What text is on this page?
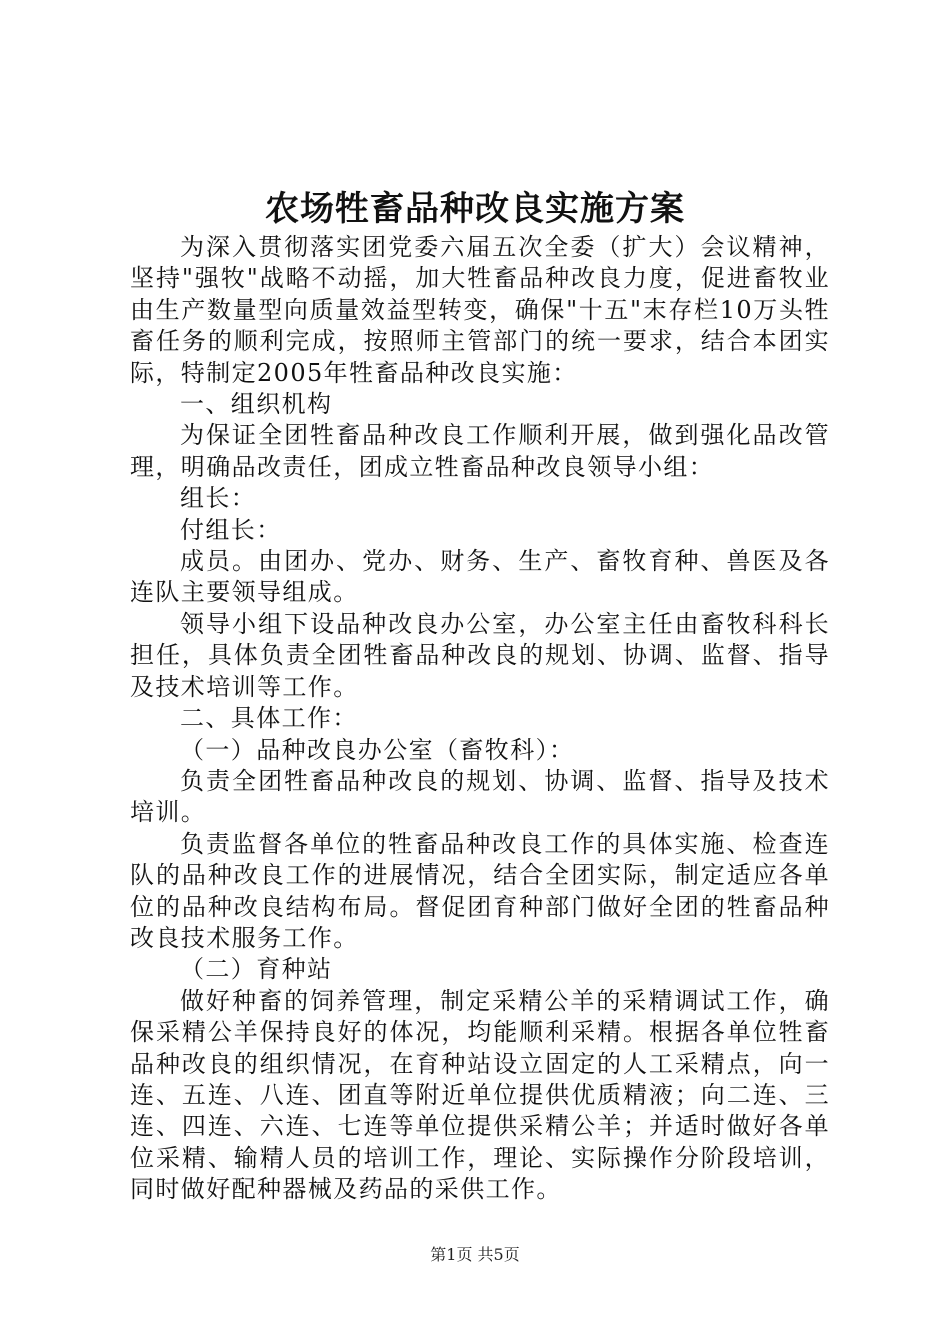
农场牲畜品种改良实施方案

为深入贯彻落实团党委六届五次全委（扩大）会议精神，坚持"强牧"战略不动摇，加大牲畜品种改良力度，促进畜牧业由生产数量型向质量效益型转变，确保"十五"末存栏10万头牲畜任务的顺利完成，按照师主管部门的统一要求，结合本团实际，特制定2005年牲畜品种改良实施：

一、组织机构

为保证全团牲畜品种改良工作顺利开展，做到强化品改管理，明确品改责任，团成立牲畜品种改良领导小组：

组长：

付组长：

成员。由团办、党办、财务、生产、畜牧育种、兽医及各连队主要领导组成。

领导小组下设品种改良办公室，办公室主任由畜牧科科长担任，具体负责全团牲畜品种改良的规划、协调、监督、指导及技术培训等工作。

二、具体工作：

（一）品种改良办公室（畜牧科）：

负责全团牲畜品种改良的规划、协调、监督、指导及技术培训。

负责监督各单位的牲畜品种改良工作的具体实施、检查连队的品种改良工作的进展情况，结合全团实际，制定适应各单位的品种改良结构布局。督促团育种部门做好全团的牲畜品种改良技术服务工作。

（二）育种站

做好种畜的饲养管理，制定采精公羊的采精调试工作，确保采精公羊保持良好的体况，均能顺利采精。根据各单位牲畜品种改良的组织情况，在育种站设立固定的人工采精点，向一连、五连、八连、团直等附近单位提供优质精液；向二连、三连、四连、六连、七连等单位提供采精公羊；并适时做好各单位采精、输精人员的培训工作，理论、实际操作分阶段培训，同时做好配种器械及药品的采供工作。

第1页 共5页
